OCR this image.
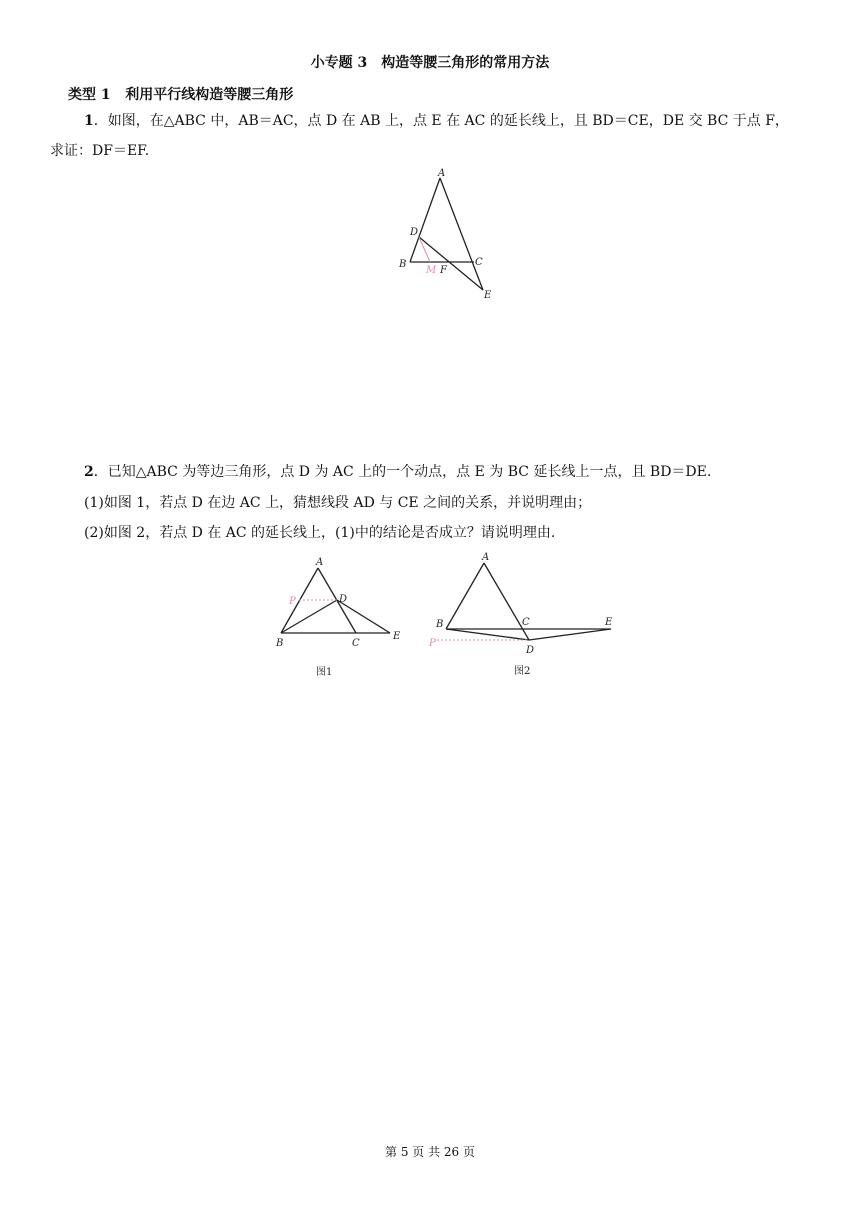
小专题 3　构造等腰三角形的常用方法
类型 1 利用平行线构造等腰三角形
1．如图，在△ABC 中，AB＝AC，点 D 在 AB 上，点 E 在 AC 的延长线上，且 BD＝CE，DE 交 BC 于点 F，
求证：DF＝EF.
A
D
B
M F
C
E
2．已知△ABC 为等边三角形，点 D 为 AC 上的一个动点，点 E 为 BC 延长线上一点，且 BD＝DE.
(1)如图 1，若点 D 在边 AC 上，猜想线段 AD 与 CE 之间的关系，并说明理由；
(2)如图 2，若点 D 在 AC 的延长线上，(1)中的结论是否成立？请说明理由.
A
P	D
B	C
E
图1
A
B	C	E
P
D
图2
第 5 页 共 26 页
